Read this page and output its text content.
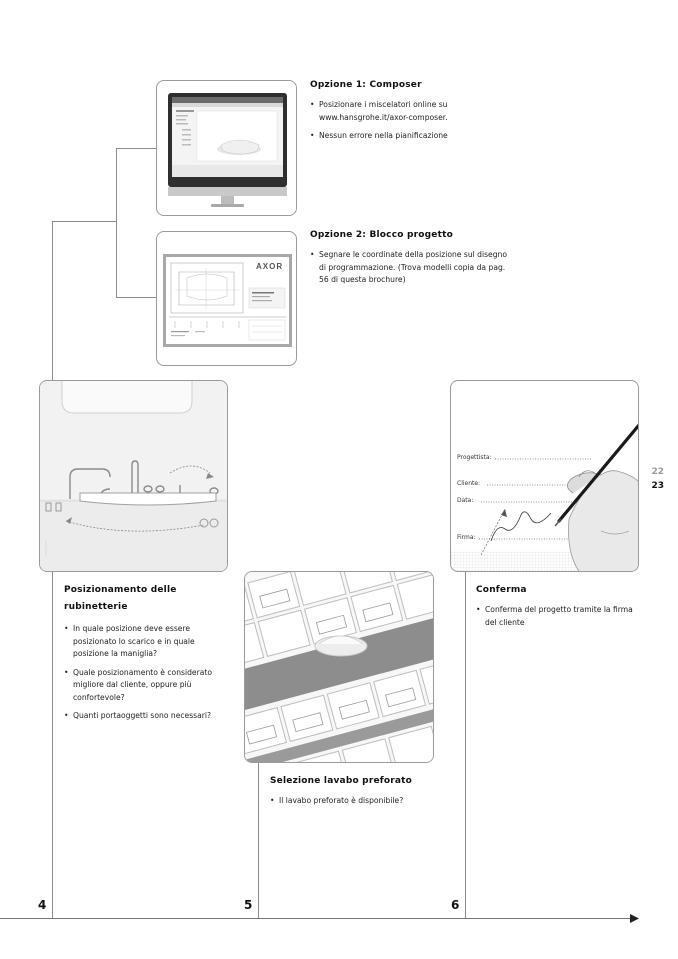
Opzione 1: Composer
• Posizionare i miscelatori online su www.hansgrohe.it/axor-composer.
• Nessun errore nella pianificazione
AXOR
Opzione 2: Blocco progetto
• Segnare le coordinate della posizione sul disegno di programmazione. (Trova modelli copia da pag. 56 di questa brochure)
Posizionamento delle rubinetterie
• In quale posizione deve essere posizionato lo scarico e in quale posizione la maniglia?
• Quale posizionamento è considerato migliore dal cliente, oppure più confortevole?
• Quanti portaoggetti sono necessari?
Selezione lavabo preforato
• Il lavabo preforato è disponibile?
Progettista:
Cliente:
Data:
Firma:
Conferma
• Conferma del progetto tramite la firma del cliente
22
23
4	5	6
